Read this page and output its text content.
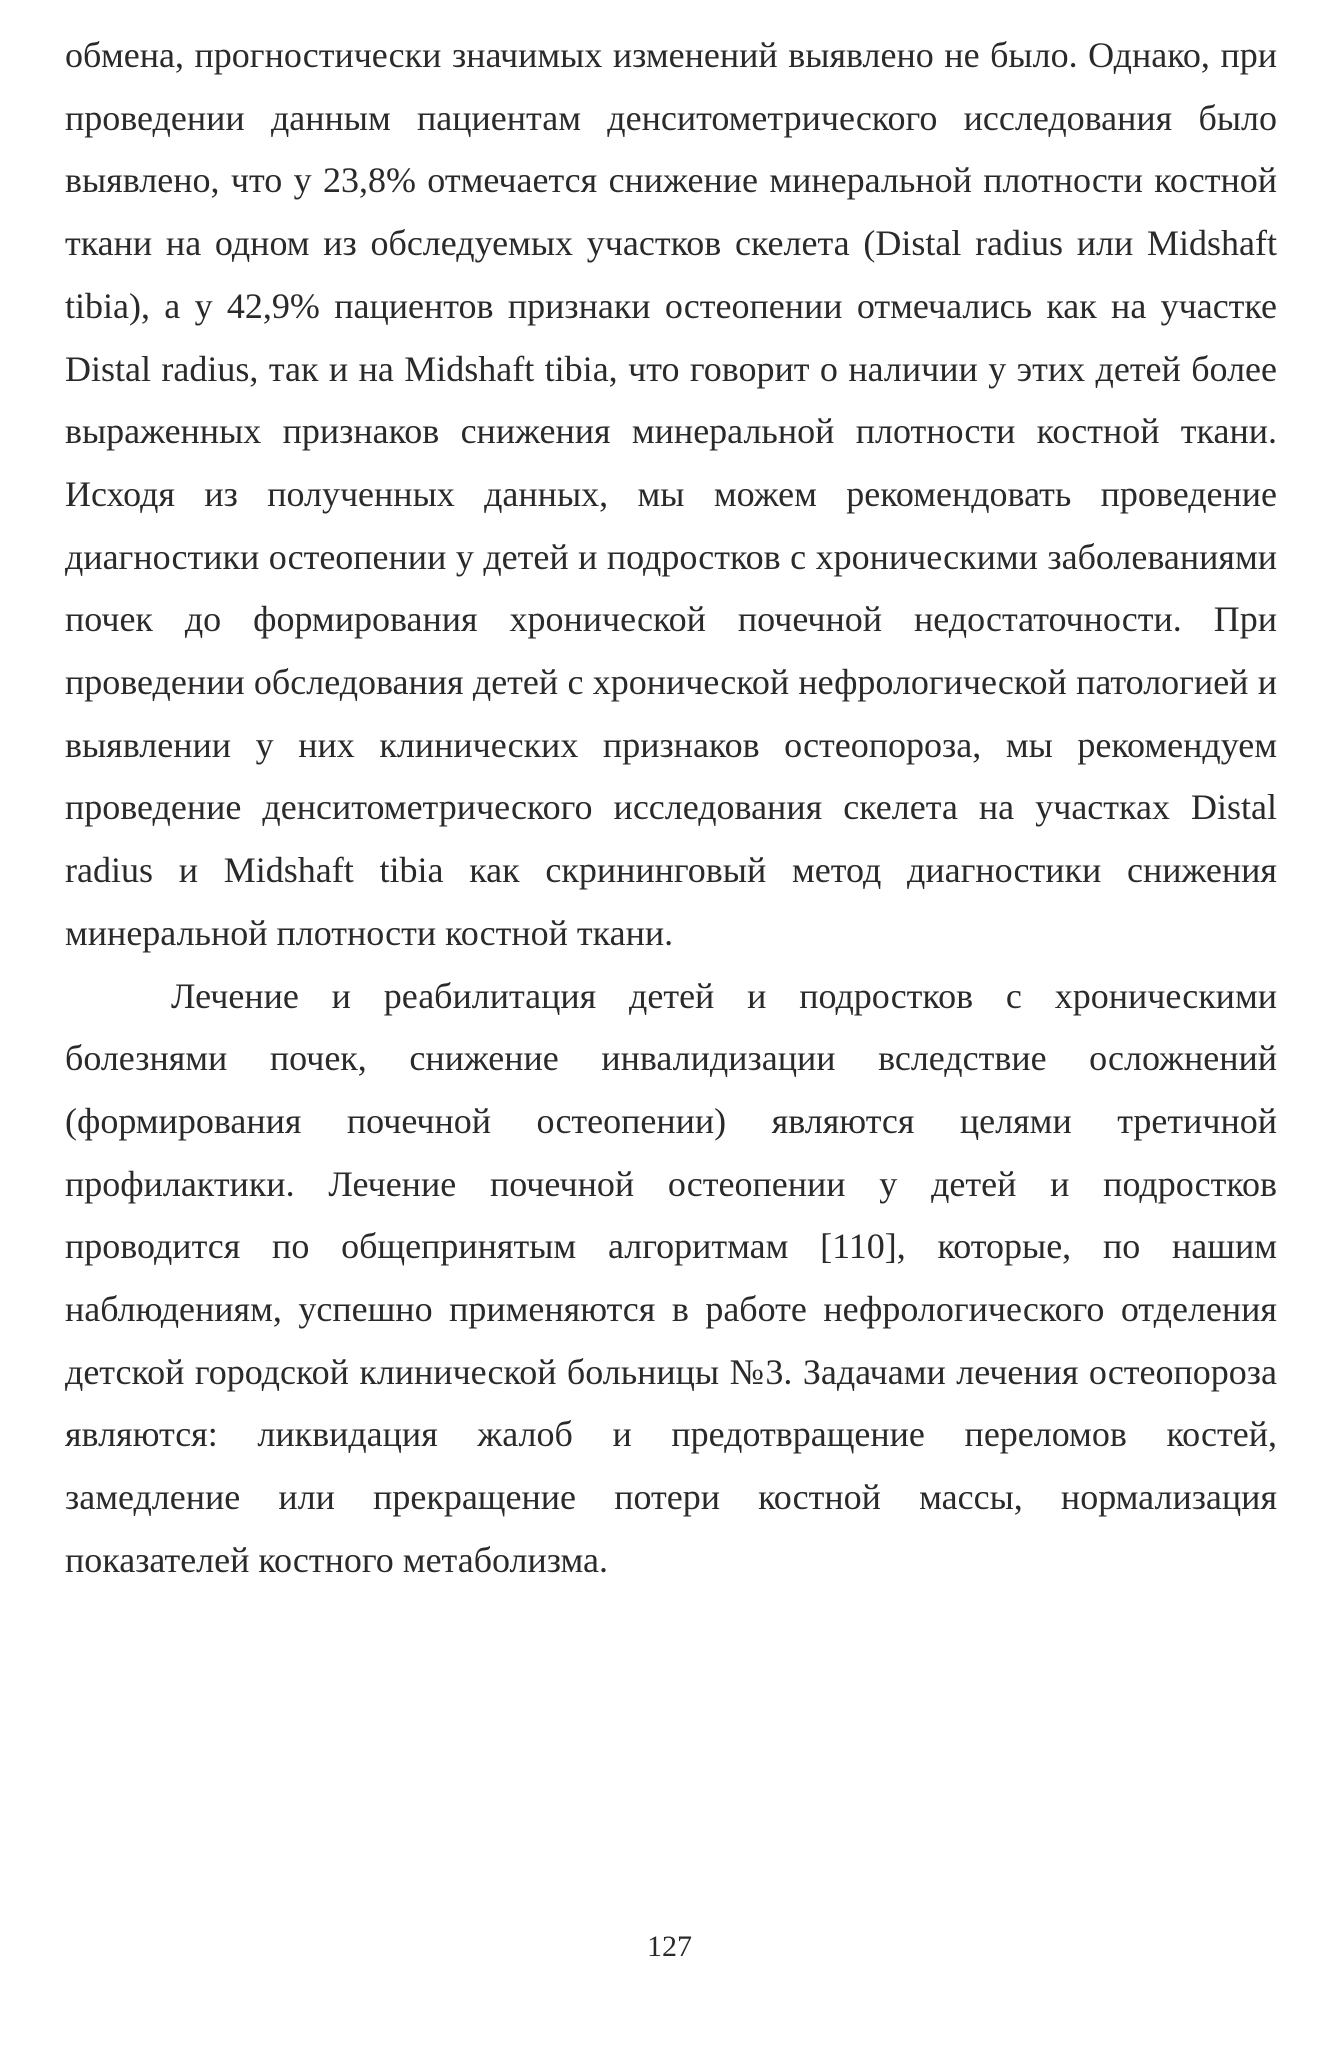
обмена, прогностически значимых изменений выявлено не было. Однако, при проведении данным пациентам денситометрического исследования было выявлено, что у 23,8% отмечается снижение минеральной плотности костной ткани на одном из обследуемых участков скелета (Distal radius или Midshaft tibia), а у 42,9% пациентов признаки остеопении отмечались как на участке Distal radius, так и на Midshaft tibia, что говорит о наличии у этих детей более выраженных признаков снижения минеральной плотности костной ткани. Исходя из полученных данных, мы можем рекомендовать проведение диагностики остеопении у детей и подростков с хроническими заболеваниями почек до формирования хронической почечной недостаточности. При проведении обследования детей с хронической нефрологической патологией и выявлении у них клинических признаков остеопороза, мы рекомендуем проведение денситометрического исследования скелета на участках Distal radius и Midshaft tibia как скрининговый метод диагностики снижения минеральной плотности костной ткани.

Лечение и реабилитация детей и подростков с хроническими болезнями почек, снижение инвалидизации вследствие осложнений (формирования почечной остеопении) являются целями третичной профилактики. Лечение почечной остеопении у детей и подростков проводится по общепринятым алгоритмам [110], которые, по нашим наблюдениям, успешно применяются в работе нефрологического отделения детской городской клинической больницы №3. Задачами лечения остеопороза являются: ликвидация жалоб и предотвращение переломов костей, замедление или прекращение потери костной массы, нормализация показателей костного метаболизма.

127
